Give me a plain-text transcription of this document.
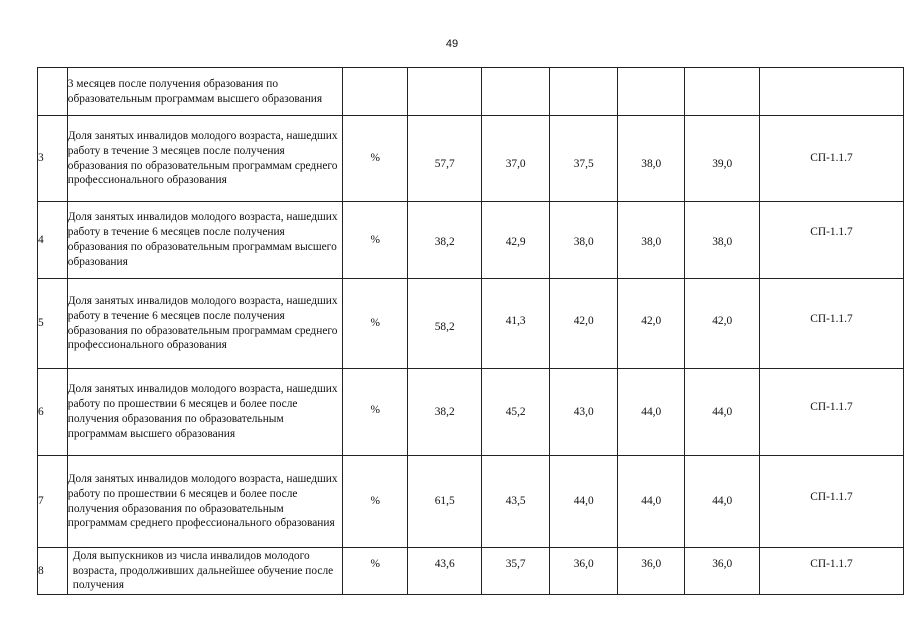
49
	3 месяцев после получения образования по образовательным программам высшего образования							
3	Доля занятых инвалидов молодого возраста, нашедших работу в течение 3 месяцев после получения образования по образовательным программам среднего профессионального образования	%	57,7	37,0	37,5	38,0	39,0	СП-1.1.7
4	Доля занятых инвалидов молодого возраста, нашедших работу в течение 6 месяцев после получения образования по образовательным программам высшего образования	%	38,2	42,9	38,0	38,0	38,0	СП-1.1.7
5	Доля занятых инвалидов молодого возраста, нашедших работу в течение 6 месяцев после получения образования по образовательным программам среднего профессионального образования	%	58,2	41,3	42,0	42,0	42,0	СП-1.1.7
6	Доля занятых инвалидов молодого возраста, нашедших работу по прошествии 6 месяцев и более после получения образования по образовательным программам высшего образования	%	38,2	45,2	43,0	44,0	44,0	СП-1.1.7
7	Доля занятых инвалидов молодого возраста, нашедших работу по прошествии 6 месяцев и более после получения образования по образовательным программам среднего профессионального образования	%	61,5	43,5	44,0	44,0	44,0	СП-1.1.7
8	Доля выпускников из числа инвалидов молодого возраста, продолживших дальнейшее обучение после получения	%	43,6	35,7	36,0	36,0	36,0	СП-1.1.7
